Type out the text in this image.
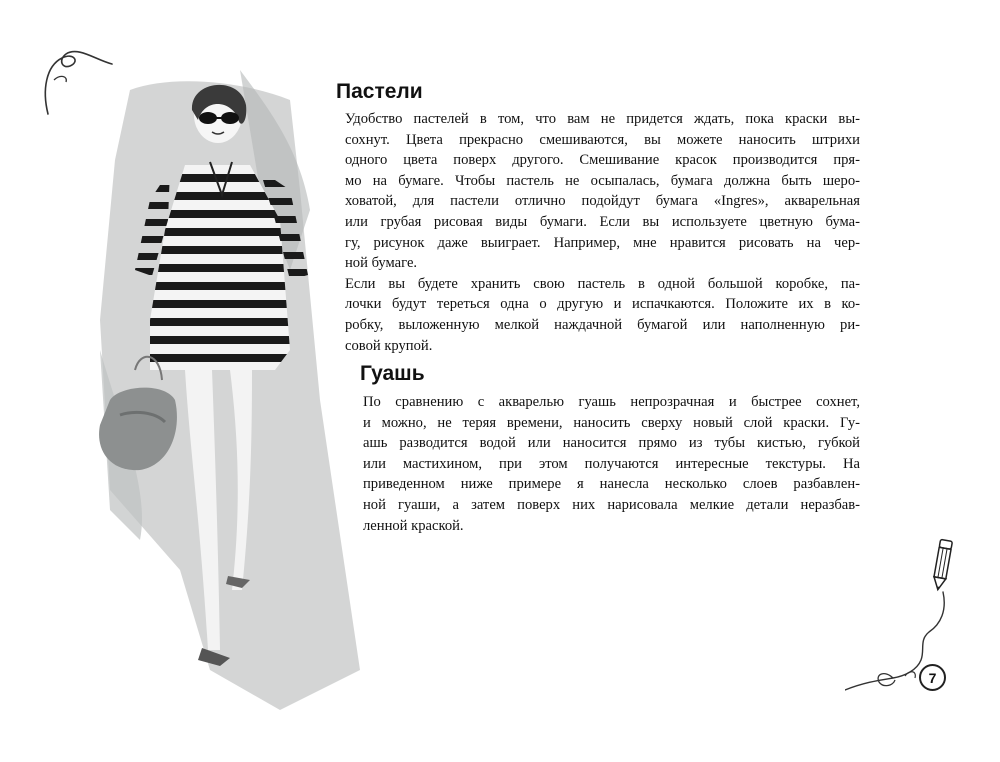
Пастели

Удобство пастелей в том, что вам не придется ждать, пока краски вы-
сохнут. Цвета прекрасно смешиваются, вы можете наносить штрихи
одного цвета поверх другого. Смешивание красок производится пря-
мо на бумаге. Чтобы пастель не осыпалась, бумага должна быть шеро-
ховатой, для пастели отлично подойдут бумага «Ingres», акварельная
или грубая рисовая виды бумаги. Если вы используете цветную бума-
гу, рисунок даже выиграет. Например, мне нравится рисовать на чер-
ной бумаге.
Если вы будете хранить свою пастель в одной большой коробке, па-
лочки будут тереться одна о другую и испачкаются. Положите их в ко-
робку, выложенную мелкой наждачной бумагой или наполненную ри-
совой крупой.

Гуашь

По сравнению с акварелью гуашь непрозрачная и быстрее сохнет,
и можно, не теряя времени, наносить сверху новый слой краски. Гу-
ашь разводится водой или наносится прямо из тубы кистью, губкой
или мастихином, при этом получаются интересные текстуры. На
приведенном ниже примере я нанесла несколько слоев разбавлен-
ной гуаши, а затем поверх них нарисовала мелкие детали неразбав-
ленной краской.

7
